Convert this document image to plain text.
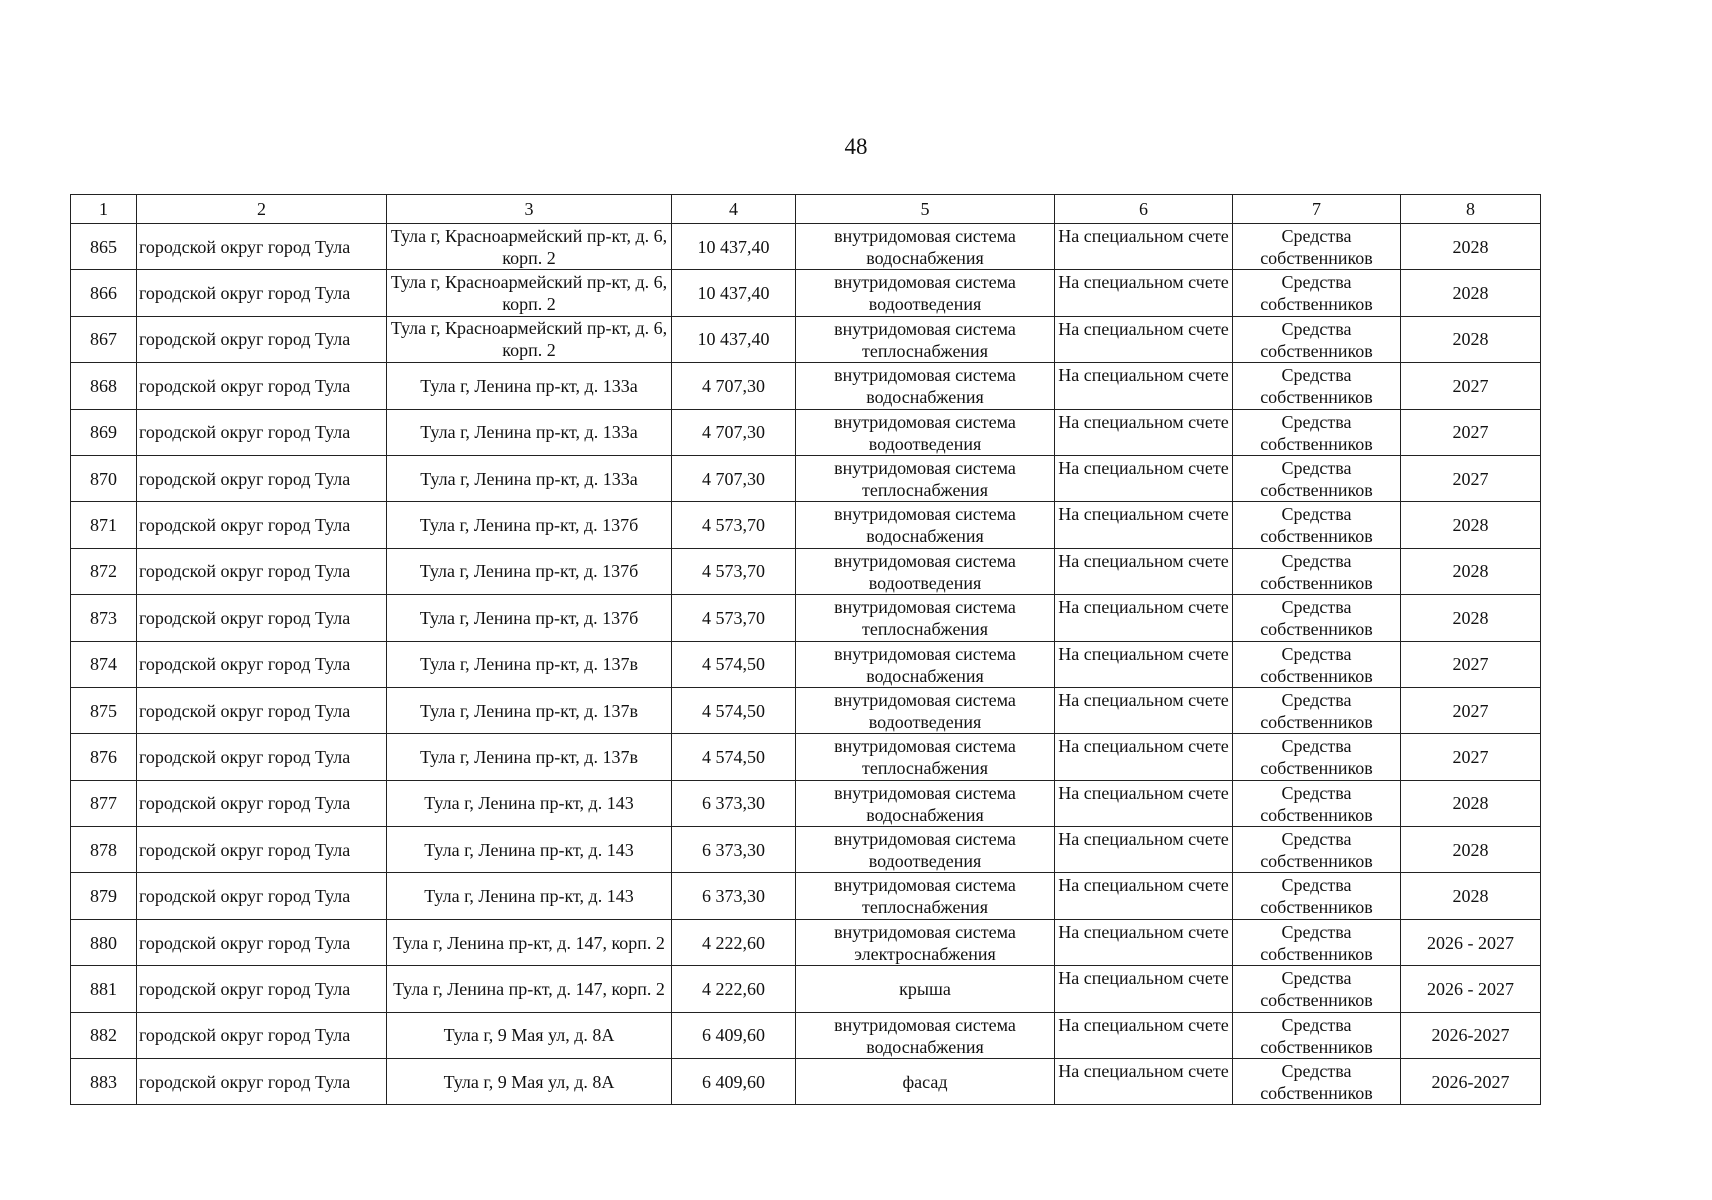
48
1	2	3	4	5	6	7	8
865	городской округ город Тула	Тула г, Красноармейский пр-кт, д. 6, корп. 2	10 437,40	внутридомовая система водоснабжения	На специальном счете	Средства собственников	2028
866	городской округ город Тула	Тула г, Красноармейский пр-кт, д. 6, корп. 2	10 437,40	внутридомовая система водоотведения	На специальном счете	Средства собственников	2028
867	городской округ город Тула	Тула г, Красноармейский пр-кт, д. 6, корп. 2	10 437,40	внутридомовая система теплоснабжения	На специальном счете	Средства собственников	2028
868	городской округ город Тула	Тула г, Ленина пр-кт, д. 133а	4 707,30	внутридомовая система водоснабжения	На специальном счете	Средства собственников	2027
869	городской округ город Тула	Тула г, Ленина пр-кт, д. 133а	4 707,30	внутридомовая система водоотведения	На специальном счете	Средства собственников	2027
870	городской округ город Тула	Тула г, Ленина пр-кт, д. 133а	4 707,30	внутридомовая система теплоснабжения	На специальном счете	Средства собственников	2027
871	городской округ город Тула	Тула г, Ленина пр-кт, д. 137б	4 573,70	внутридомовая система водоснабжения	На специальном счете	Средства собственников	2028
872	городской округ город Тула	Тула г, Ленина пр-кт, д. 137б	4 573,70	внутридомовая система водоотведения	На специальном счете	Средства собственников	2028
873	городской округ город Тула	Тула г, Ленина пр-кт, д. 137б	4 573,70	внутридомовая система теплоснабжения	На специальном счете	Средства собственников	2028
874	городской округ город Тула	Тула г, Ленина пр-кт, д. 137в	4 574,50	внутридомовая система водоснабжения	На специальном счете	Средства собственников	2027
875	городской округ город Тула	Тула г, Ленина пр-кт, д. 137в	4 574,50	внутридомовая система водоотведения	На специальном счете	Средства собственников	2027
876	городской округ город Тула	Тула г, Ленина пр-кт, д. 137в	4 574,50	внутридомовая система теплоснабжения	На специальном счете	Средства собственников	2027
877	городской округ город Тула	Тула г, Ленина пр-кт, д. 143	6 373,30	внутридомовая система водоснабжения	На специальном счете	Средства собственников	2028
878	городской округ город Тула	Тула г, Ленина пр-кт, д. 143	6 373,30	внутридомовая система водоотведения	На специальном счете	Средства собственников	2028
879	городской округ город Тула	Тула г, Ленина пр-кт, д. 143	6 373,30	внутридомовая система теплоснабжения	На специальном счете	Средства собственников	2028
880	городской округ город Тула	Тула г, Ленина пр-кт, д. 147, корп. 2	4 222,60	внутридомовая система электроснабжения	На специальном счете	Средства собственников	2026 - 2027
881	городской округ город Тула	Тула г, Ленина пр-кт, д. 147, корп. 2	4 222,60	крыша	На специальном счете	Средства собственников	2026 - 2027
882	городской округ город Тула	Тула г, 9 Мая ул, д. 8А	6 409,60	внутридомовая система водоснабжения	На специальном счете	Средства собственников	2026-2027
883	городской округ город Тула	Тула г, 9 Мая ул, д. 8А	6 409,60	фасад	На специальном счете	Средства собственников	2026-2027
